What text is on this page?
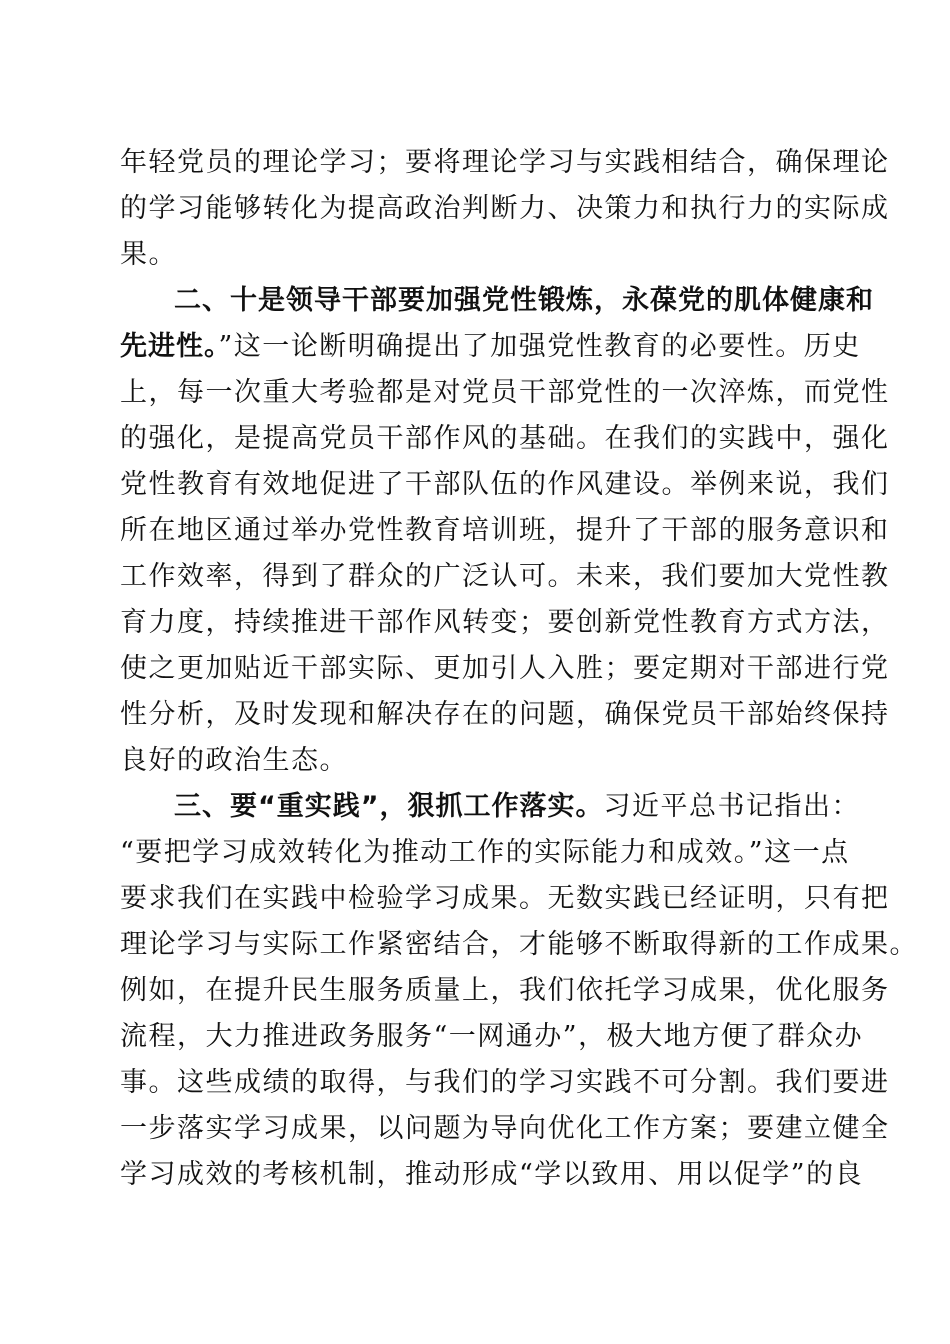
年轻党员的理论学习；要将理论学习与实践相结合，确保理论
的学习能够转化为提高政治判断力、决策力和执行力的实际成
果。
二、十是领导干部要加强党性锻炼，永葆党的肌体健康和
先进性。”这一论断明确提出了加强党性教育的必要性。历史
上，每一次重大考验都是对党员干部党性的一次淬炼，而党性
的强化，是提高党员干部作风的基础。在我们的实践中，强化
党性教育有效地促进了干部队伍的作风建设。举例来说，我们
所在地区通过举办党性教育培训班，提升了干部的服务意识和
工作效率，得到了群众的广泛认可。未来，我们要加大党性教
育力度，持续推进干部作风转变；要创新党性教育方式方法，
使之更加贴近干部实际、更加引人入胜；要定期对干部进行党
性分析，及时发现和解决存在的问题，确保党员干部始终保持
良好的政治生态。
三、要“重实践”，狠抓工作落实。习近平总书记指出：
“要把学习成效转化为推动工作的实际能力和成效。”这一点
要求我们在实践中检验学习成果。无数实践已经证明，只有把
理论学习与实际工作紧密结合，才能够不断取得新的工作成果。
例如，在提升民生服务质量上，我们依托学习成果，优化服务
流程，大力推进政务服务“一网通办”，极大地方便了群众办
事。这些成绩的取得，与我们的学习实践不可分割。我们要进
一步落实学习成果，以问题为导向优化工作方案；要建立健全
学习成效的考核机制，推动形成“学以致用、用以促学”的良
